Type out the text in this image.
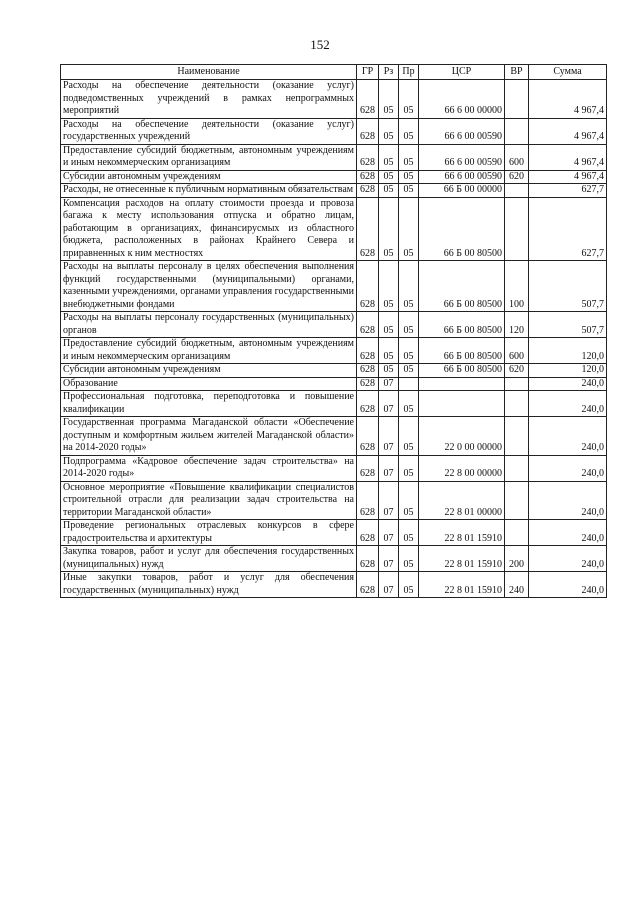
152
Наименование	ГР	Рз	Пр	ЦСР	ВР	Сумма
Расходы на обеспечение деятельности (оказание услуг) подведомственных учреждений в рамках непрограммных мероприятий	628	05	05	66 6 00 00000		4 967,4
Расходы на обеспечение деятельности (оказание услуг) государственных учреждений	628	05	05	66 6 00 00590		4 967,4
Предоставление субсидий бюджетным, автономным учреждениям и иным некоммерческим организациям	628	05	05	66 6 00 00590	600	4 967,4
Субсидии автономным учреждениям	628	05	05	66 6 00 00590	620	4 967,4
Расходы, не отнесенные к публичным нормативным обязательствам	628	05	05	66 Б 00 00000		627,7
Компенсация расходов на оплату стоимости проезда и провоза багажа к месту использования отпуска и обратно лицам, работающим в организациях, финансирусмых из областного бюджета, расположенных в районах Крайнего Севера и приравненных к ним местностях	628	05	05	66 Б 00 80500		627,7
Расходы на выплаты персоналу в целях обеспечения выполнения функций государственными (муниципальными) органами, казенными учреждениями, органами управления государственными внебюджетными фондами	628	05	05	66 Б 00 80500	100	507,7
Расходы на выплаты персоналу государственных (муниципальных) органов	628	05	05	66 Б 00 80500	120	507,7
Предоставление субсидий бюджетным, автономным учреждениям и иным некоммерческим организациям	628	05	05	66 Б 00 80500	600	120,0
Субсидии автономным учреждениям	628	05	05	66 Б 00 80500	620	120,0
Образование	628	07				240,0
Профессиональная подготовка, переподготовка и повышение квалификации	628	07	05			240,0
Государственная программа Магаданской области «Обеспечение доступным и комфортным жильем жителей Магаданской области» на 2014-2020 годы»	628	07	05	22 0 00 00000		240,0
Подпрограмма «Кадровое обеспечение задач строительства» на 2014-2020 годы»	628	07	05	22 8 00 00000		240,0
Основное мероприятие «Повышение квалификации специалистов строительной отрасли для реализации задач строительства на территории Магаданской области»	628	07	05	22 8 01 00000		240,0
Проведение региональных отраслевых конкурсов в сфере градостроительства и архитектуры	628	07	05	22 8 01 15910		240,0
Закупка товаров, работ и услуг для обеспечения государственных (муниципальных) нужд	628	07	05	22 8 01 15910	200	240,0
Иные закупки товаров, работ и услуг для обеспечения государственных (муниципальных) нужд	628	07	05	22 8 01 15910	240	240,0
